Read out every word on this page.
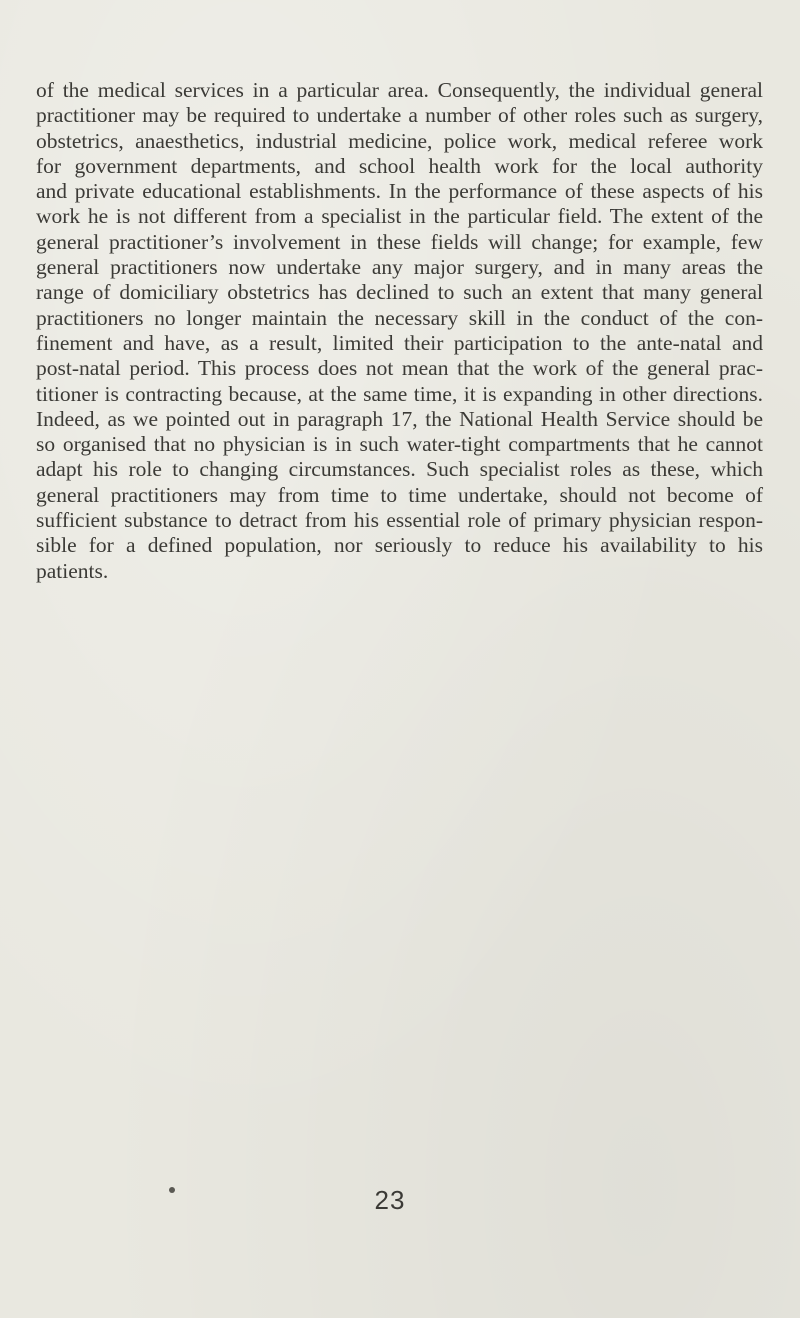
of the medical services in a particular area. Consequently, the individual general
practitioner may be required to undertake a number of other roles such as surgery,
obstetrics, anaesthetics, industrial medicine, police work, medical referee work
for government departments, and school health work for the local authority
and private educational establishments. In the performance of these aspects of his
work he is not different from a specialist in the particular field. The extent of the
general practitioner’s involvement in these fields will change; for example, few
general practitioners now undertake any major surgery, and in many areas the
range of domiciliary obstetrics has declined to such an extent that many general
practitioners no longer maintain the necessary skill in the conduct of the con-
finement and have, as a result, limited their participation to the ante-natal and
post-natal period. This process does not mean that the work of the general prac-
titioner is contracting because, at the same time, it is expanding in other directions.
Indeed, as we pointed out in paragraph 17, the National Health Service should be
so organised that no physician is in such water-tight compartments that he cannot
adapt his role to changing circumstances. Such specialist roles as these, which
general practitioners may from time to time undertake, should not become of
sufficient substance to detract from his essential role of primary physician respon-
sible for a defined population, nor seriously to reduce his availability to his
patients.

23
